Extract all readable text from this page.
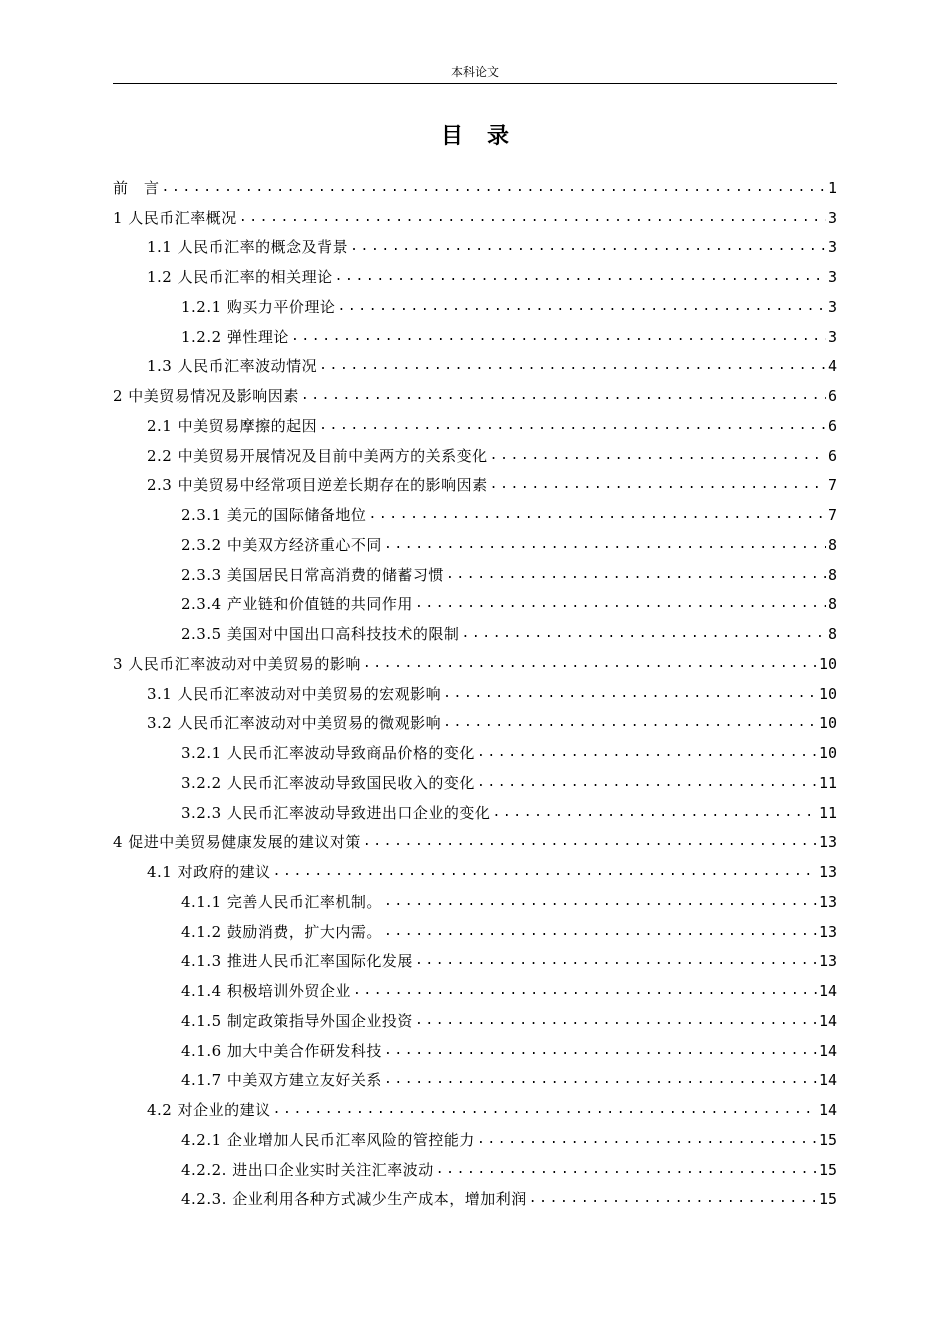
本科论文
目录
前　言 .....	1
1 人民币汇率概况 .....	3
1.1 人民币汇率的概念及背景 .....	3
1.2 人民币汇率的相关理论 .....	3
1.2.1 购买力平价理论 .....	3
1.2.2 弹性理论 .....	3
1.3 人民币汇率波动情况 .....	4
2 中美贸易情况及影响因素 .....	6
2.1 中美贸易摩擦的起因 .....	6
2.2 中美贸易开展情况及目前中美两方的关系变化 .....	6
2.3 中美贸易中经常项目逆差长期存在的影响因素 .....	7
2.3.1 美元的国际储备地位 .....	7
2.3.2 中美双方经济重心不同 .....	8
2.3.3 美国居民日常高消费的储蓄习惯 .....	8
2.3.4 产业链和价值链的共同作用 .....	8
2.3.5 美国对中国出口高科技技术的限制 .....	8
3 人民币汇率波动对中美贸易的影响 .....	10
3.1 人民币汇率波动对中美贸易的宏观影响 .....	10
3.2 人民币汇率波动对中美贸易的微观影响 .....	10
3.2.1 人民币汇率波动导致商品价格的变化 .....	10
3.2.2 人民币汇率波动导致国民收入的变化 .....	11
3.2.3 人民币汇率波动导致进出口企业的变化 .....	11
4 促进中美贸易健康发展的建议对策 .....	13
4.1 对政府的建议 .....	13
4.1.1 完善人民币汇率机制。 .....	13
4.1.2 鼓励消费，扩大内需。 .....	13
4.1.3 推进人民币汇率国际化发展 .....	13
4.1.4 积极培训外贸企业 .....	14
4.1.5 制定政策指导外国企业投资 .....	14
4.1.6 加大中美合作研发科技 .....	14
4.1.7 中美双方建立友好关系 .....	14
4.2 对企业的建议 .....	14
4.2.1 企业增加人民币汇率风险的管控能力 .....	15
4.2.2. 进出口企业实时关注汇率波动 .....	15
4.2.3. 企业利用各种方式减少生产成本，增加利润 .....	15
